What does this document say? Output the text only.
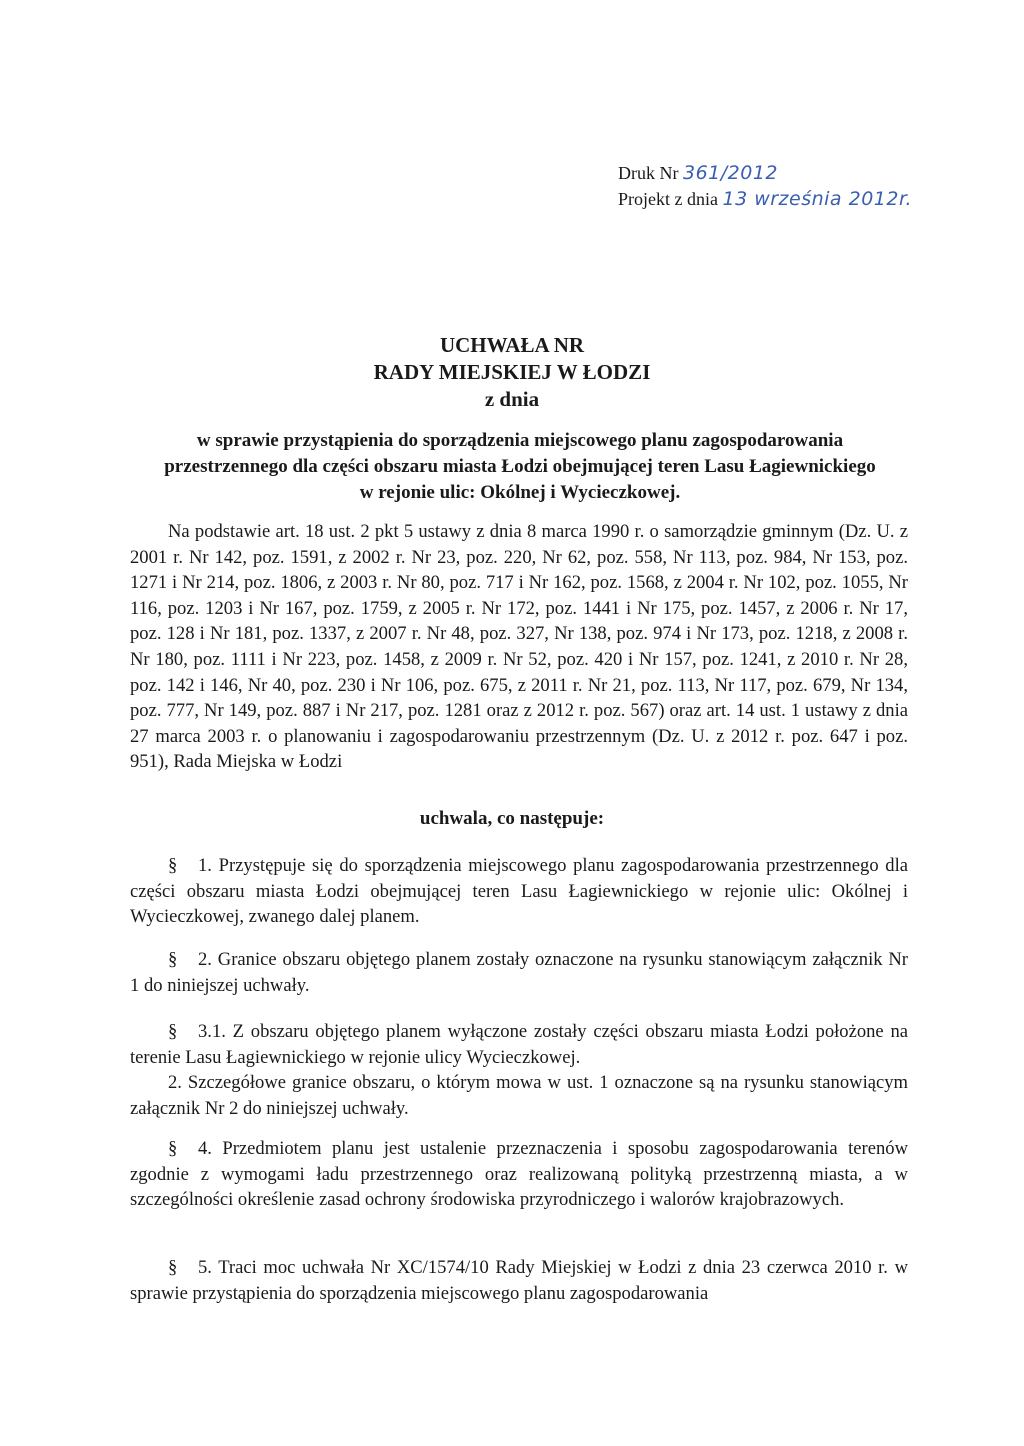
Druk Nr 361/2012
Projekt z dnia 13 września 2012r.
UCHWAŁA NR
RADY MIEJSKIEJ W ŁODZI
z dnia
w sprawie przystąpienia do sporządzenia miejscowego planu zagospodarowania
przestrzennego dla części obszaru miasta Łodzi obejmującej teren Lasu Łagiewnickiego
w rejonie ulic: Okólnej i Wycieczkowej.

Na podstawie art. 18 ust. 2 pkt 5 ustawy z dnia 8 marca 1990 r. o samorządzie gminnym (Dz. U. z 2001 r. Nr 142, poz. 1591, z 2002 r. Nr 23, poz. 220, Nr 62, poz. 558, Nr 113, poz. 984, Nr 153, poz. 1271 i Nr 214, poz. 1806, z 2003 r. Nr 80, poz. 717 i Nr 162, poz. 1568, z 2004 r. Nr 102, poz. 1055, Nr 116, poz. 1203 i Nr 167, poz. 1759, z 2005 r. Nr 172, poz. 1441 i Nr 175, poz. 1457, z 2006 r. Nr 17, poz. 128 i Nr 181, poz. 1337, z 2007 r. Nr 48, poz. 327, Nr 138, poz. 974 i Nr 173, poz. 1218, z 2008 r. Nr 180, poz. 1111 i Nr 223, poz. 1458, z 2009 r. Nr 52, poz. 420 i Nr 157, poz. 1241, z 2010 r. Nr 28, poz. 142 i 146, Nr 40, poz. 230 i Nr 106, poz. 675, z 2011 r. Nr 21, poz. 113, Nr 117, poz. 679, Nr 134, poz. 777, Nr 149, poz. 887 i Nr 217, poz. 1281 oraz z 2012 r. poz. 567) oraz art. 14 ust. 1 ustawy z dnia 27 marca 2003 r. o planowaniu i zagospodarowaniu przestrzennym (Dz. U. z 2012 r. poz. 647 i poz. 951), Rada Miejska w Łodzi

uchwala, co następuje:

§ 1. Przystępuje się do sporządzenia miejscowego planu zagospodarowania przestrzennego dla części obszaru miasta Łodzi obejmującej teren Lasu Łagiewnickiego w rejonie ulic: Okólnej i Wycieczkowej, zwanego dalej planem.

§ 2. Granice obszaru objętego planem zostały oznaczone na rysunku stanowiącym załącznik Nr 1 do niniejszej uchwały.

§ 3.1. Z obszaru objętego planem wyłączone zostały części obszaru miasta Łodzi położone na terenie Lasu Łagiewnickiego w rejonie ulicy Wycieczkowej.

2. Szczegółowe granice obszaru, o którym mowa w ust. 1 oznaczone są na rysunku stanowiącym załącznik Nr 2 do niniejszej uchwały.

§ 4. Przedmiotem planu jest ustalenie przeznaczenia i sposobu zagospodarowania terenów zgodnie z wymogami ładu przestrzennego oraz realizowaną polityką przestrzenną miasta, a w szczególności określenie zasad ochrony środowiska przyrodniczego i walorów krajobrazowych.

§ 5. Traci moc uchwała Nr XC/1574/10 Rady Miejskiej w Łodzi z dnia 23 czerwca 2010 r. w sprawie przystąpienia do sporządzenia miejscowego planu zagospodarowania
